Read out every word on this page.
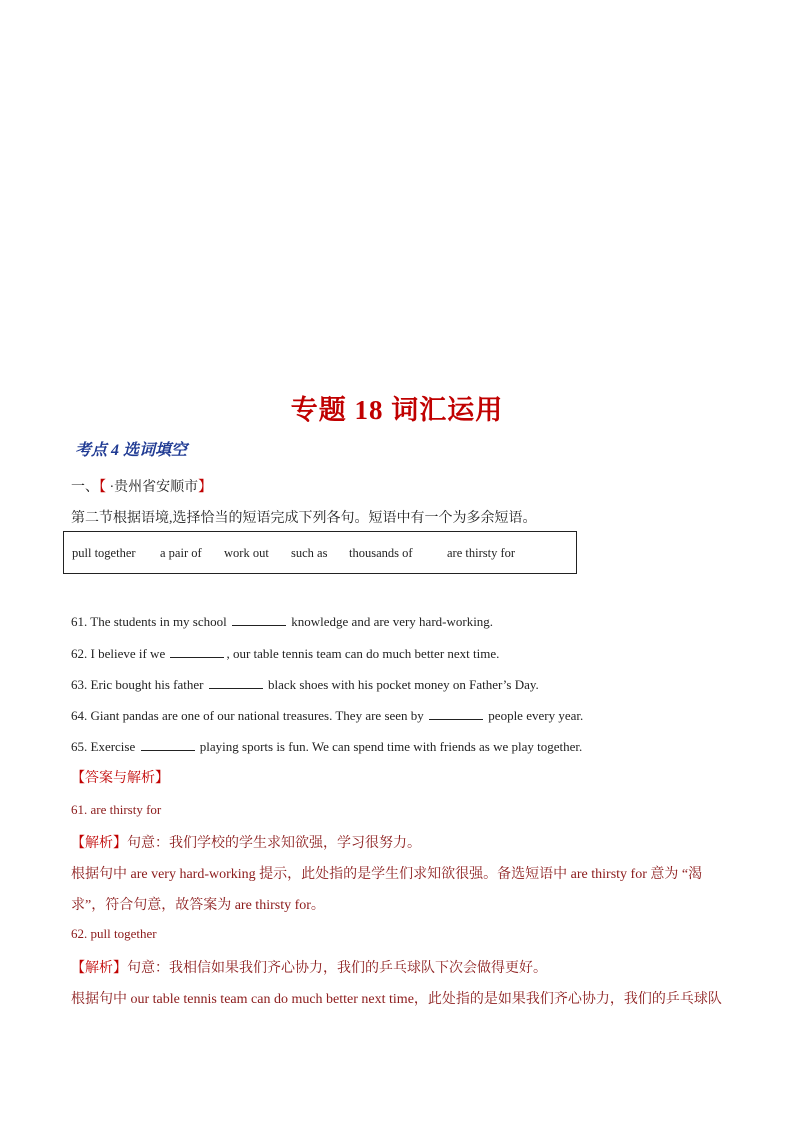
专题 18 词汇运用
考点 4 选词填空
一、【 ·贵州省安顺市】
第二节根据语境,选择恰当的短语完成下列各句。短语中有一个为多余短语。
pull together a pair of work out such as thousands of	are thirsty for
61. The students in my school	knowledge and are very hard-working.
62. I believe if we	, our table tennis team can do much better next time.
63. Eric bought his father	black shoes with his pocket money on Father’s Day.
64. Giant pandas are one of our national treasures. They are seen by	people every year.
65. Exercise	playing sports is fun. We can spend time with friends as we play together.
【答案与解析】
61. are thirsty for
【解析】句意：我们学校的学生求知欲强，学习很努力。
根据句中 are very hard-working 提示，此处指的是学生们求知欲很强。备选短语中 are thirsty for 意为 “渴
求”，符合句意，故答案为 are thirsty for。
62. pull together
【解析】句意：我相信如果我们齐心协力，我们的乒乓球队下次会做得更好。
根据句中 our table tennis team can do much better next time，此处指的是如果我们齐心协力，我们的乒乓球队
